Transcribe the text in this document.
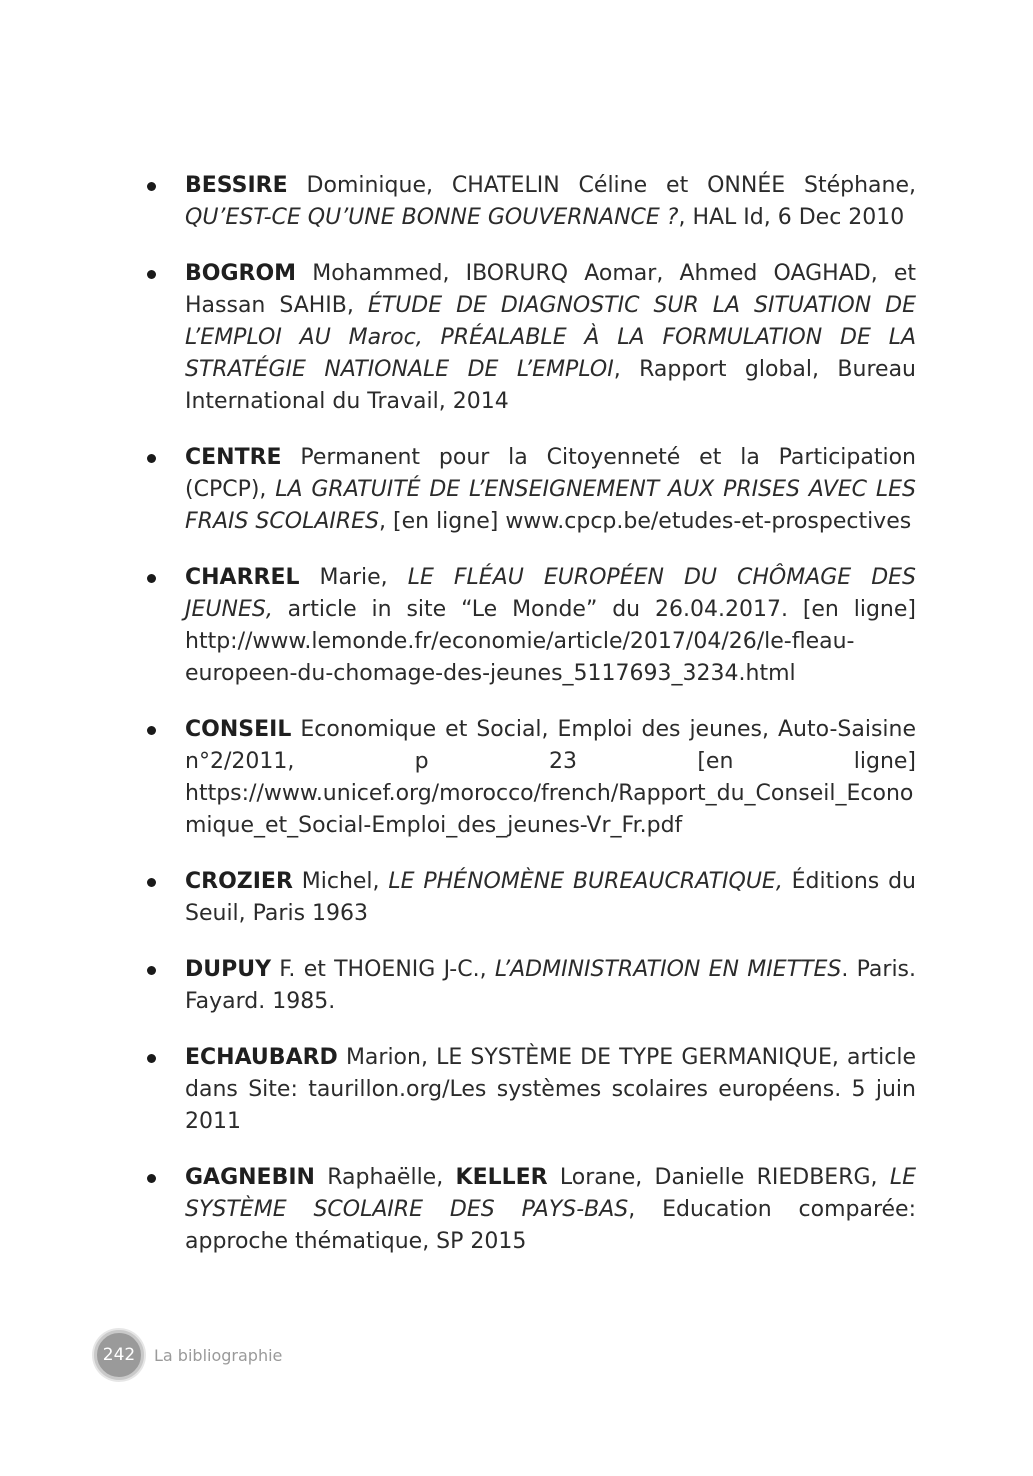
BESSIRE Dominique, CHATELIN Céline et ONNÉE Stéphane, QU’EST-CE QU’UNE BONNE GOUVERNANCE ?, HAL Id, 6 Dec 2010
BOGROM Mohammed, IBORURQ Aomar, Ahmed OAGHAD, et Hassan SAHIB, ÉTUDE DE DIAGNOSTIC SUR LA SITUATION DE L’EMPLOI AU Maroc, PRÉALABLE À LA FORMULATION DE LA STRATÉGIE NATIONALE DE L’EMPLOI, Rapport global, Bureau International du Travail, 2014
CENTRE Permanent pour la Citoyenneté et la Participation (CPCP), LA GRATUITÉ DE L’ENSEIGNEMENT AUX PRISES AVEC LES FRAIS SCOLAIRES, [en ligne] www.cpcp.be/etudes-et-prospectives
CHARREL Marie, LE FLÉAU EUROPÉEN DU CHÔMAGE DES JEUNES, article in site “Le Monde” du 26.04.2017. [en ligne] http://www.lemonde.fr/economie/article/2017/04/26/le-fleau-europeen-du-chomage-des-jeunes_5117693_3234.html
CONSEIL Economique et Social, Emploi des jeunes, Auto-Saisine n°2/2011, p 23 [en ligne] https://www.unicef.org/morocco/french/Rapport_du_Conseil_Economique_et_Social-Emploi_des_jeunes-Vr_Fr.pdf
CROZIER Michel, LE PHÉNOMÈNE BUREAUCRATIQUE, Éditions du Seuil, Paris 1963
DUPUY F. et THOENIG J-C., L’ADMINISTRATION EN MIETTES. Paris. Fayard. 1985.
ECHAUBARD Marion, LE SYSTÈME DE TYPE GERMANIQUE, article dans Site: taurillon.org/Les systèmes scolaires européens. 5 juin 2011
GAGNEBIN Raphaëlle, KELLER Lorane, Danielle RIEDBERG, LE SYSTÈME SCOLAIRE DES PAYS-BAS, Education comparée: approche thématique, SP 2015
242 La bibliographie
